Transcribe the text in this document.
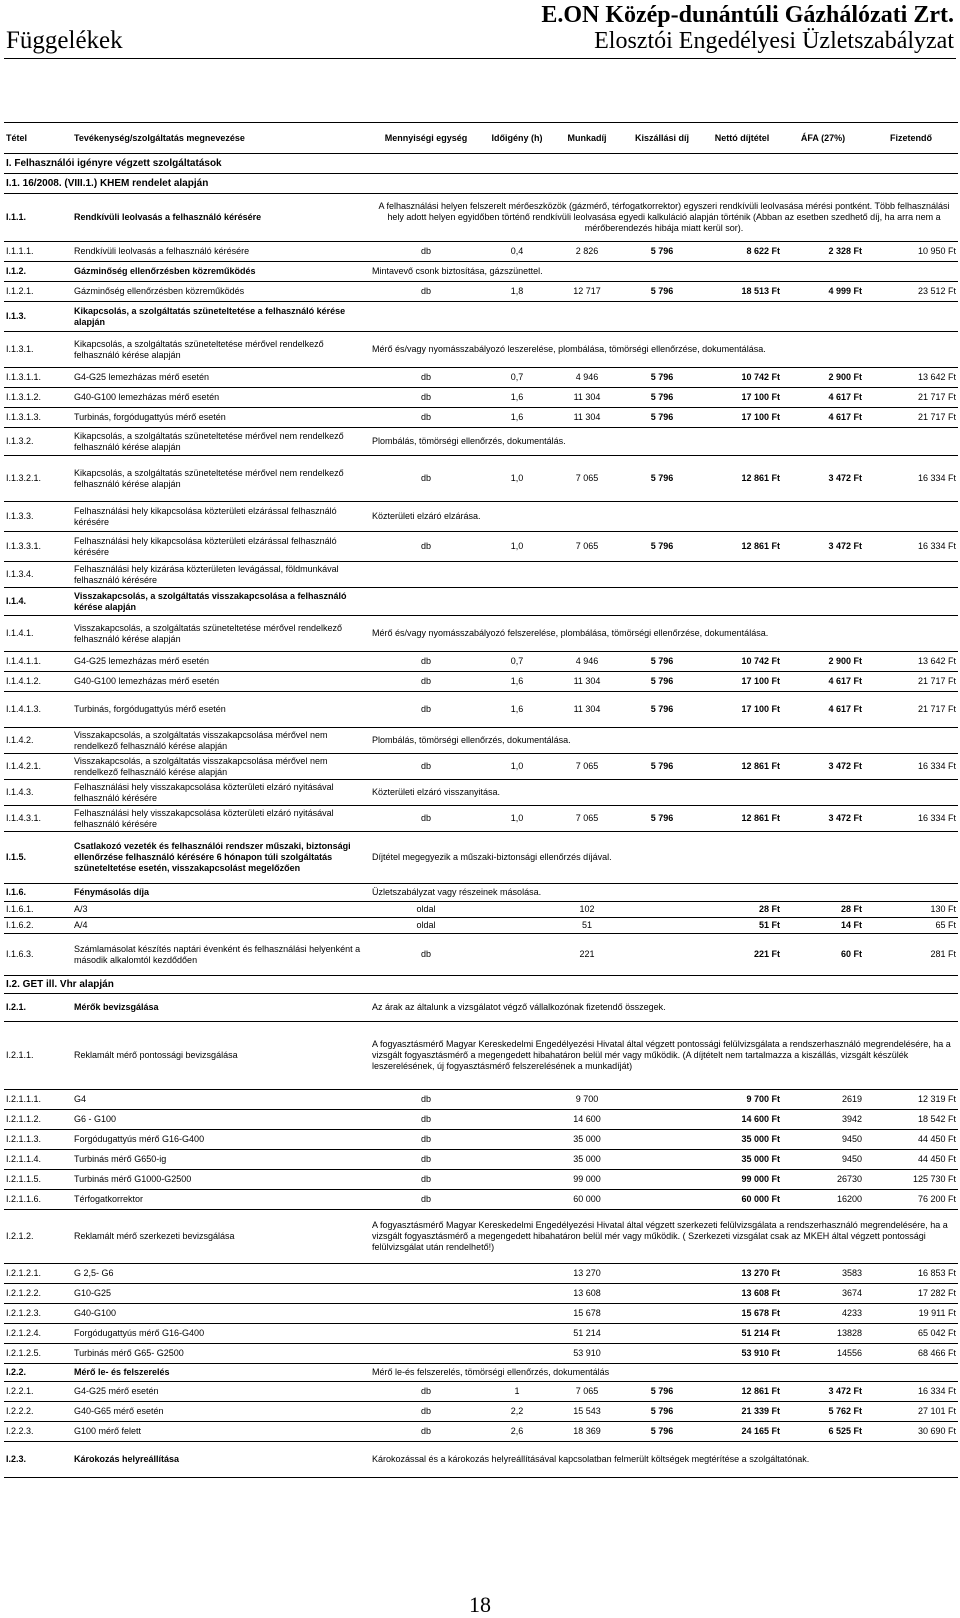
Függelékek
E.ON Közép-dunántúli Gázhálózati Zrt.
Elosztói Engedélyesi Üzletszabályzat
Tétel	Tevékenység/szolgáltatás megnevezése	Mennyiségi egység	Időigény (h)	Munkadíj	Kiszállási díj	Nettó díjtétel	ÁFA (27%)	Fizetendő
I. Felhasználói igényre végzett szolgáltatások								
I.1. 16/2008. (VIII.1.) KHEM rendelet alapján								
I.1.1.	Rendkívüli leolvasás a felhasználó kérésére	A felhasználási helyen felszerelt mérőeszközök (gázmérő, térfogatkorrektor) egyszeri rendkívüli leolvasása mérési pontként. Több felhasználási hely adott helyen egyidőben történő rendkívüli leolvasása egyedi kalkuláció alapján történik (Abban az esetben szedhető díj, ha arra nem a mérőberendezés hibája miatt kerül sor).						
I.1.1.1.	Rendkívüli leolvasás a felhasználó kérésére	db	0,4	2 826	5 796	8 622 Ft	2 328 Ft	10 950 Ft
I.1.2.	Gázminőség ellenőrzésben közreműködés	Mintavevő csonk biztosítása, gázszünettel.						
I.1.2.1.	Gázminőség ellenőrzésben közreműködés	db	1,8	12 717	5 796	18 513 Ft	4 999 Ft	23 512 Ft
I.1.3.	Kikapcsolás, a szolgáltatás szüneteltetése a felhasználó kérése alapján							
I.1.3.1.	Kikapcsolás, a szolgáltatás szüneteltetése mérővel rendelkező felhasználó kérése alapján	Mérő és/vagy nyomásszabályozó leszerelése, plombálása, tömörségi ellenőrzése, dokumentálása.						
I.1.3.1.1.	G4-G25 lemezházas mérő esetén	db	0,7	4 946	5 796	10 742 Ft	2 900 Ft	13 642 Ft
I.1.3.1.2.	G40-G100 lemezházas mérő esetén	db	1,6	11 304	5 796	17 100 Ft	4 617 Ft	21 717 Ft
I.1.3.1.3.	Turbinás, forgódugattyús mérő esetén	db	1,6	11 304	5 796	17 100 Ft	4 617 Ft	21 717 Ft
I.1.3.2.	Kikapcsolás, a szolgáltatás szüneteltetése mérővel nem rendelkező felhasználó kérése alapján	Plombálás, tömörségi ellenőrzés, dokumentálás.						
I.1.3.2.1.	Kikapcsolás, a szolgáltatás szüneteltetése mérővel nem rendelkező felhasználó kérése alapján	db	1,0	7 065	5 796	12 861 Ft	3 472 Ft	16 334 Ft
I.1.3.3.	Felhasználási hely kikapcsolása közterületi elzárással felhasználó kérésére	Közterületi elzáró elzárása.						
I.1.3.3.1.	Felhasználási hely kikapcsolása közterületi elzárással felhasználó kérésére	db	1,0	7 065	5 796	12 861 Ft	3 472 Ft	16 334 Ft
I.1.3.4.	Felhasználási hely kizárása közterületen levágással, földmunkával felhasználó kérésére							
I.1.4.	Visszakapcsolás, a szolgáltatás visszakapcsolása a felhasználó kérése alapján							
I.1.4.1.	Visszakapcsolás, a szolgáltatás szüneteltetése mérővel rendelkező felhasználó kérése alapján	Mérő és/vagy nyomásszabályozó felszerelése, plombálása, tömörségi ellenőrzése, dokumentálása.						
I.1.4.1.1.	G4-G25 lemezházas mérő esetén	db	0,7	4 946	5 796	10 742 Ft	2 900 Ft	13 642 Ft
I.1.4.1.2.	G40-G100 lemezházas mérő esetén	db	1,6	11 304	5 796	17 100 Ft	4 617 Ft	21 717 Ft
I.1.4.1.3.	Turbinás, forgódugattyús mérő esetén	db	1,6	11 304	5 796	17 100 Ft	4 617 Ft	21 717 Ft
I.1.4.2.	Visszakapcsolás, a szolgáltatás visszakapcsolása mérővel nem rendelkező felhasználó kérése alapján	Plombálás, tömörségi ellenőrzés, dokumentálása.						
I.1.4.2.1.	Visszakapcsolás, a szolgáltatás visszakapcsolása mérővel nem rendelkező felhasználó kérése alapján	db	1,0	7 065	5 796	12 861 Ft	3 472 Ft	16 334 Ft
I.1.4.3.	Felhasználási hely visszakapcsolása közterületi elzáró nyitásával felhasználó kérésére	Közterületi elzáró visszanyitása.						
I.1.4.3.1.	Felhasználási hely visszakapcsolása közterületi elzáró nyitásával felhasználó kérésére	db	1,0	7 065	5 796	12 861 Ft	3 472 Ft	16 334 Ft
I.1.5.	Csatlakozó vezeték és felhasználói rendszer műszaki, biztonsági ellenőrzése felhasználó kérésére 6 hónapon túli szolgáltatás szüneteltetése esetén, visszakapcsolást megelőzően	Díjtétel megegyezik a műszaki-biztonsági ellenőrzés díjával.						
I.1.6.	Fénymásolás díja	Üzletszabályzat vagy részeinek másolása.						
I.1.6.1.	A/3	oldal		102		28 Ft	28 Ft	130 Ft
I.1.6.2.	A/4	oldal		51		51 Ft	14 Ft	65 Ft
I.1.6.3.	Számlamásolat készítés naptári évenként és felhasználási helyenként a második alkalomtól kezdődően	db		221		221 Ft	60 Ft	281 Ft
I.2. GET ill. Vhr alapján								
I.2.1.	Mérők bevizsgálása	Az árak az általunk a vizsgálatot végző vállalkozónak fizetendő összegek.						
I.2.1.1.	Reklamált mérő pontossági bevizsgálása	A fogyasztásmérő Magyar Kereskedelmi Engedélyezési Hivatal által végzett pontossági felülvizsgálata a rendszerhasználó megrendelésére, ha a vizsgált fogyasztásmérő a megengedett hibahatáron belül mér vagy működik. (A díjtételt nem tartalmazza a kiszállás, vizsgált készülék leszerelésének, új fogyasztásmérő felszerelésének a munkadíját)						
I.2.1.1.1.	G4	db		9 700		9 700 Ft	2619	12 319 Ft
I.2.1.1.2.	G6 - G100	db		14 600		14 600 Ft	3942	18 542 Ft
I.2.1.1.3.	Forgódugattyús mérő G16-G400	db		35 000		35 000 Ft	9450	44 450 Ft
I.2.1.1.4.	Turbinás mérő G650-ig	db		35 000		35 000 Ft	9450	44 450 Ft
I.2.1.1.5.	Turbinás mérő G1000-G2500	db		99 000		99 000 Ft	26730	125 730 Ft
I.2.1.1.6.	Térfogatkorrektor	db		60 000		60 000 Ft	16200	76 200 Ft
I.2.1.2.	Reklamált mérő szerkezeti bevizsgálása	A fogyasztásmérő Magyar Kereskedelmi Engedélyezési Hivatal által végzett szerkezeti felülvizsgálata a rendszerhasználó megrendelésére, ha a vizsgált fogyasztásmérő a megengedett hibahatáron belül mér vagy működik. ( Szerkezeti vizsgálat csak az MKEH által végzett pontossági felülvizsgálat után rendelhető!)						
I.2.1.2.1.	G 2,5- G6			13 270		13 270 Ft	3583	16 853 Ft
I.2.1.2.2.	G10-G25			13 608		13 608 Ft	3674	17 282 Ft
I.2.1.2.3.	G40-G100			15 678		15 678 Ft	4233	19 911 Ft
I.2.1.2.4.	Forgódugattyús mérő G16-G400			51 214		51 214 Ft	13828	65 042 Ft
I.2.1.2.5.	Turbinás mérő G65- G2500			53 910		53 910 Ft	14556	68 466 Ft
I.2.2.	Mérő le- és felszerelés	Mérő le-és felszerelés, tömörségi ellenőrzés, dokumentálás						
I.2.2.1.	G4-G25 mérő esetén	db	1	7 065	5 796	12 861 Ft	3 472 Ft	16 334 Ft
I.2.2.2.	G40-G65 mérő esetén	db	2,2	15 543	5 796	21 339 Ft	5 762 Ft	27 101 Ft
I.2.2.3.	G100 mérő felett	db	2,6	18 369	5 796	24 165 Ft	6 525 Ft	30 690 Ft
I.2.3.	Károkozás helyreállítása	Károkozással és a károkozás helyreállításával kapcsolatban felmerült költségek megtérítése a szolgáltatónak.						
18
